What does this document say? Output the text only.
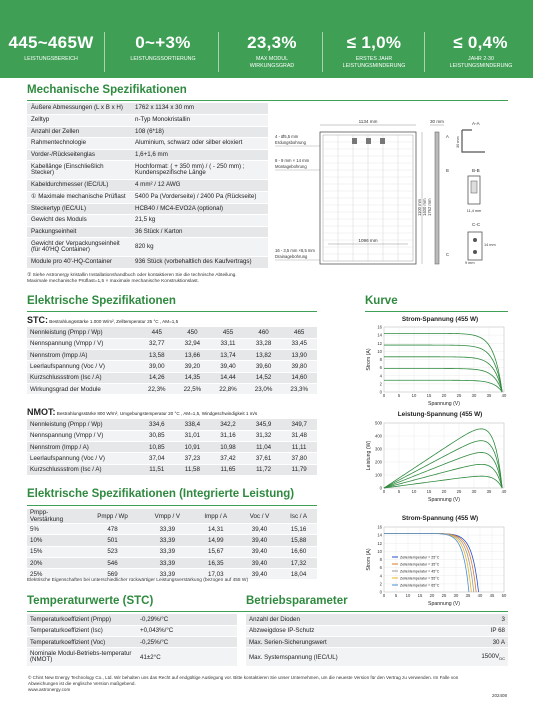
445~465W
LEISTUNGSBEREICH
0~+3%
LEISTUNGSSORTIERUNG
23,3%
MAX MODUL WIRKUNGSGRAD
≤ 1,0%
ERSTES JAHR LEISTUNGSMINDERUNG
≤ 0,4%
JAHR 2-30 LEISTUNGSMINDERUNG
Mechanische Spezifikationen
Äußere Abmessungen (L x B x H)	1762 x 1134 x 30 mm
Zelltyp	n-Typ Monokristallin
Anzahl der Zellen	108 (6*18)
Rahmentechnologie	Aluminium, schwarz oder silber eloxiert
Vorder-/Rückseitenglas	1,6+1,6 mm
Kabellänge (Einschließlich Stecker)	Hochformat: ( + 350 mm) / ( - 250 mm) ; Kundenspezifische Länge
Kabeldurchmesser (IEC/UL)	4 mm² / 12 AWG
① Maximale mechanische Prüflast	5400 Pa (Vorderseite) / 2400 Pa (Rückseite)
Steckertyp (IEC/UL)	HCB40 / MC4-EVO2A (optional)
Gewicht des Moduls	21,5 kg
Packungseinheit	36 Stück / Karton
Gewicht der Verpackungseinheit (für 40'HQ Container)	820 kg
Module pro 40'-HQ-Container	936 Stück (vorbehaltlich des Kaufvertrags)
① Siehe Astronergy kristallin Installationshandbuch oder kontaktieren Sie die technische Abteilung.
Maximale mechanische Prüflast=1,5 × maximale mechanische Konstruktionslast.
1134 mm
4 - Ø5,5 mm
Erdungsbohrung
8 - 9 mm × 14 mm
Montagebohrung
16 - 3,5 mm ×8,5 mm
Drainagebohrung
1096 mm
1100 mm 1400 mm 1762 mm
30 mm	A-A
A 30 mm
B-B
B
11,4 mm
C-C
C
9 mm
14 mm
Elektrische Spezifikationen	Kurve
STC: Bestrahlungsstärke 1.000 W/m², Zelltemperatur 25 °C , AM=1,5
Nennleistung (Pmpp / Wp)	445	450	455	460	465
Nennspannung (Vmpp / V)	32,77	32,94	33,11	33,28	33,45
Nennstrom (Impp /A)	13,58	13,66	13,74	13,82	13,90
Leerlaufspannung (Voc / V)	39,00	39,20	39,40	39,60	39,80
Kurzschlussstrom (Isc / A)	14,26	14,35	14,44	14,52	14,60
Wirkungsgrad der Module	22,3%	22,5%	22,8%	23,0%	23,3%
NMOT: Bestrahlungsstärke 800 W/m², Umgebungstemperatur 20 °C , AM=1,5, Windgeschwindigkeit 1 m/s
Nennleistung (Pmpp / Wp)	334,6	338,4	342,2	345,9	349,7
Nennspannung (Vmpp / V)	30,85	31,01	31,16	31,32	31,48
Nennstrom (Impp / A)	10,85	10,91	10,98	11,04	11,11
Leerlaufspannung (Voc / V)	37,04	37,23	37,42	37,61	37,80
Kurzschlussstrom (Isc / A)	11,51	11,58	11,65	11,72	11,79
Elektrische Spezifikationen (Integrierte Leistung)
Pmpp-Verstärkung	Pmpp / Wp	Vmpp / V	Impp / A	Voc / V	Isc / A
5%	478	33,39	14,31	39,40	15,16
10%	501	33,39	14,99	39,40	15,88
15%	523	33,39	15,67	39,40	16,60
20%	546	33,39	16,35	39,40	17,32
25%	569	33,39	17,03	39,40	18,04
Elektrische Eigenschaften bei unterschiedlicher rückwärtiger Leistungsverstärkung (bezogen auf 455 W)
Temperaturwerte (STC)	Betriebsparameter
Temperaturkoeffizient (Pmpp)	-0,29%/°C
Temperaturkoeffizient (Isc)	+0,043%/°C
Temperaturkoeffizient (Voc)	-0,25%/°C
Nominale Modul-Betriebs-temperatur (NMOT)	41±2°C
Anzahl der Dioden	3
Abzweigdose IP-Schutz	IP 68
Max. Serien-Sicherungswert	30 A
Max. Systemspannung (IEC/UL)	$1500V_{DC}$
Strom-Spannung (455 W)
0	5	10 15 20 25 30 35 40
0
2
4
6
8
10
12
14
16
Spannung (V)
Strom (A)
Leistung-Spannung (455 W)
0	5	10 15 20 25 30 35 40
0
100
200
300
400
500
Spannung (V)
Leistung (W)
Strom-Spannung (455 W)
0 5 10 15 20 25 30 35 40 45 50
0
2
4
6
8
10
12
14
16
Spannung (V)
Strom (A)	Zellentemperatur = 25°C
Zellentemperatur = 35°C
Zellentemperatur = 45°C
Zellentemperatur = 55°C
Zellentemperatur = 65°C
© Chint New Energy Technology Co., Ltd. Wir behalten uns das Recht auf endgültige Auslegung vor. Bitte kontaktieren Sie unser Unternehmen, um die neueste Version für den Vertrag zu verwenden. Im Falle von
Abweichungen ist die englische Version maßgebend.
www.astronergy.com
202408
